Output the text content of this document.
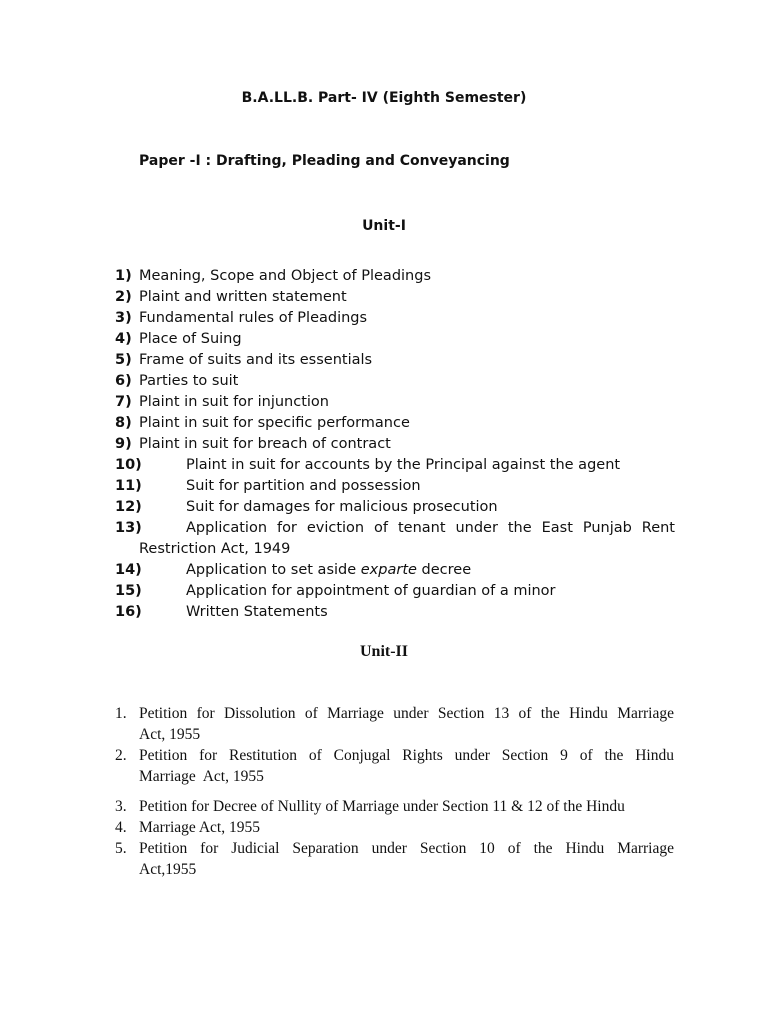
B.A.LL.B. Part- IV (Eighth Semester)
Paper -I : Drafting, Pleading and Conveyancing
Unit-I
1) Meaning, Scope and Object of Pleadings
2) Plaint and written statement
3) Fundamental rules of Pleadings
4) Place of Suing
5) Frame of suits and its essentials
6) Parties to suit
7) Plaint in suit for injunction
8) Plaint in suit for specific performance
9) Plaint in suit for breach of contract
10)	Plaint in suit for accounts by the Principal against the agent
11)	Suit for partition and possession
12)	Suit for damages for malicious prosecution
13)	Application for eviction of tenant under the East Punjab Rent
Restriction Act, 1949
14)	Application to set aside exparte decree
15)	Application for appointment of guardian of a minor
16)	Written Statements
Unit-II
1. Petition for Dissolution of Marriage under Section 13 of the Hindu Marriage
Act, 1955
2. Petition for Restitution of Conjugal Rights under Section 9 of the Hindu
Marriage  Act, 1955
3. Petition for Decree of Nullity of Marriage under Section 11 & 12 of the Hindu
4. Marriage Act, 1955
5. Petition for Judicial Separation under Section 10 of the Hindu Marriage
Act,1955
